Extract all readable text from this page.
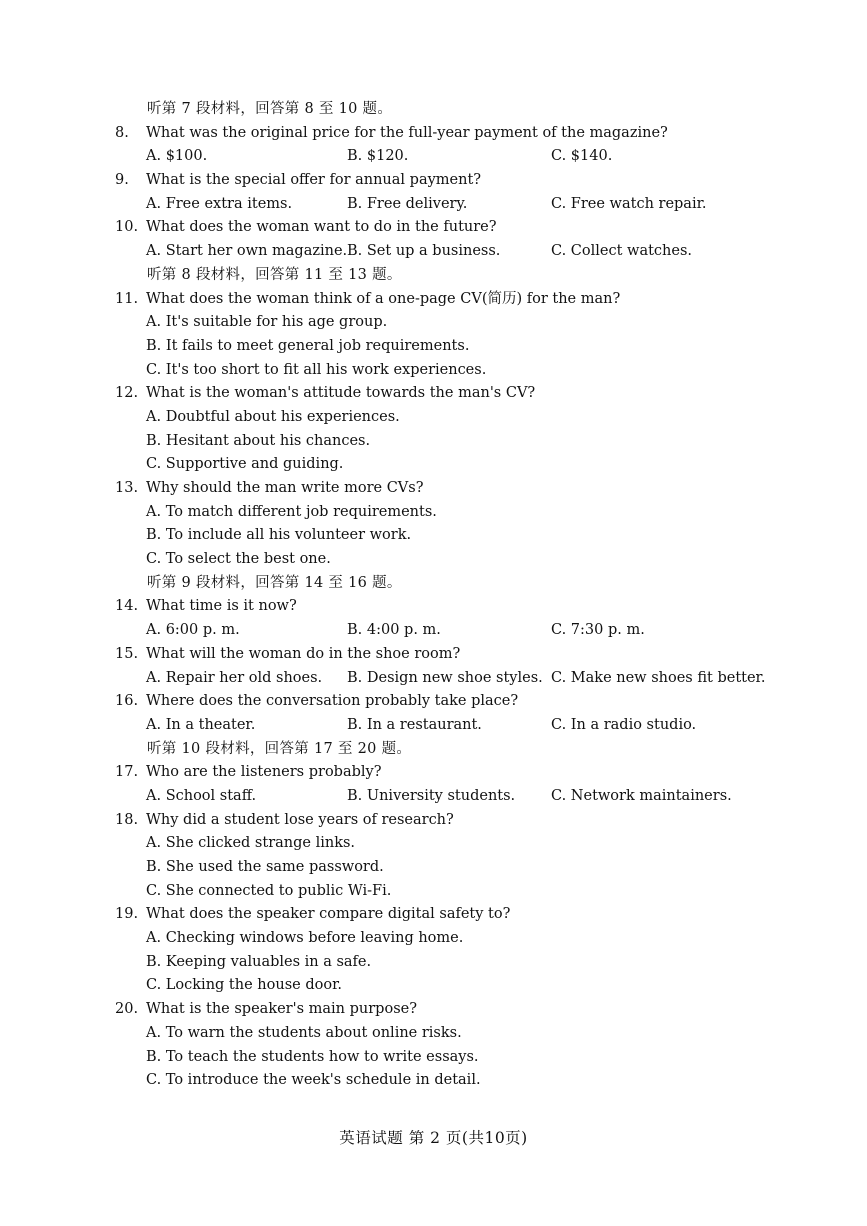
听第 7 段材料，回答第 8 至 10 题。
8. What was the original price for the full-year payment of the magazine?
A. $100.	B. $120.	C. $140.
9. What is the special offer for annual payment?
A. Free extra items.	B. Free delivery.	C. Free watch repair.
10. What does the woman want to do in the future?
A. Start her own magazine. B. Set up a business.	C. Collect watches.
听第 8 段材料，回答第 11 至 13 题。
11. What does the woman think of a one-page CV(简历) for the man?
A. It's suitable for his age group.
B. It fails to meet general job requirements.
C. It's too short to fit all his work experiences.
12. What is the woman's attitude towards the man's CV?
A. Doubtful about his experiences.
B. Hesitant about his chances.
C. Supportive and guiding.
13. Why should the man write more CVs?
A. To match different job requirements.
B. To include all his volunteer work.
C. To select the best one.
听第 9 段材料，回答第 14 至 16 题。
14. What time is it now?
A. 6:00 p. m.	B. 4:00 p. m.	C. 7:30 p. m.
15. What will the woman do in the shoe room?
A. Repair her old shoes. B. Design new shoe styles. C. Make new shoes fit better.
16. Where does the conversation probably take place?
A. In a theater.	B. In a restaurant.	C. In a radio studio.
听第 10 段材料，回答第 17 至 20 题。
17. Who are the listeners probably?
A. School staff.	B. University students. C. Network maintainers.
18. Why did a student lose years of research?
A. She clicked strange links.
B. She used the same password.
C. She connected to public Wi-Fi.
19. What does the speaker compare digital safety to?
A. Checking windows before leaving home.
B. Keeping valuables in a safe.
C. Locking the house door.
20. What is the speaker's main purpose?
A. To warn the students about online risks.
B. To teach the students how to write essays.
C. To introduce the week's schedule in detail.
英语试题 第 2 页(共10页)
